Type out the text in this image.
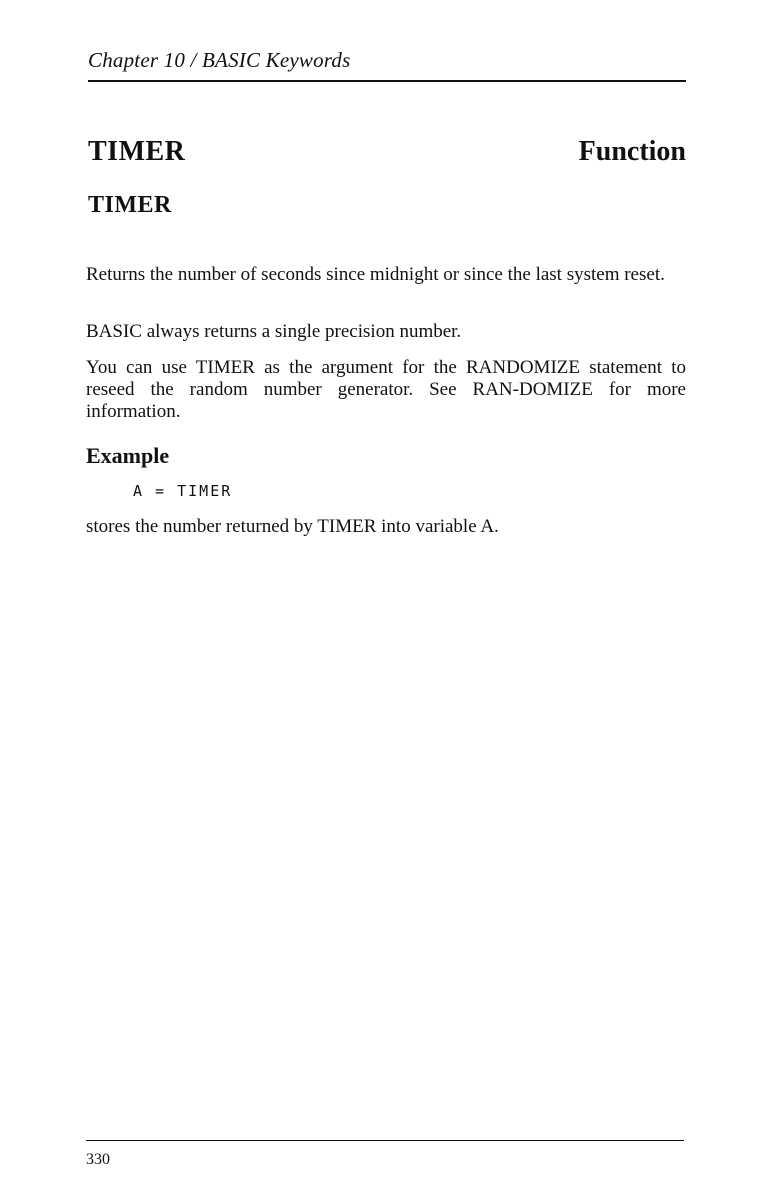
Chapter 10 / BASIC Keywords
TIMER	Function
TIMER

Returns the number of seconds since midnight or since the last system reset.

BASIC always returns a single precision number.

You can use TIMER as the argument for the RANDOMIZE statement to reseed the random number generator. See RAN-DOMIZE for more information.

Example
A = TIMER

stores the number returned by TIMER into variable A.

330
